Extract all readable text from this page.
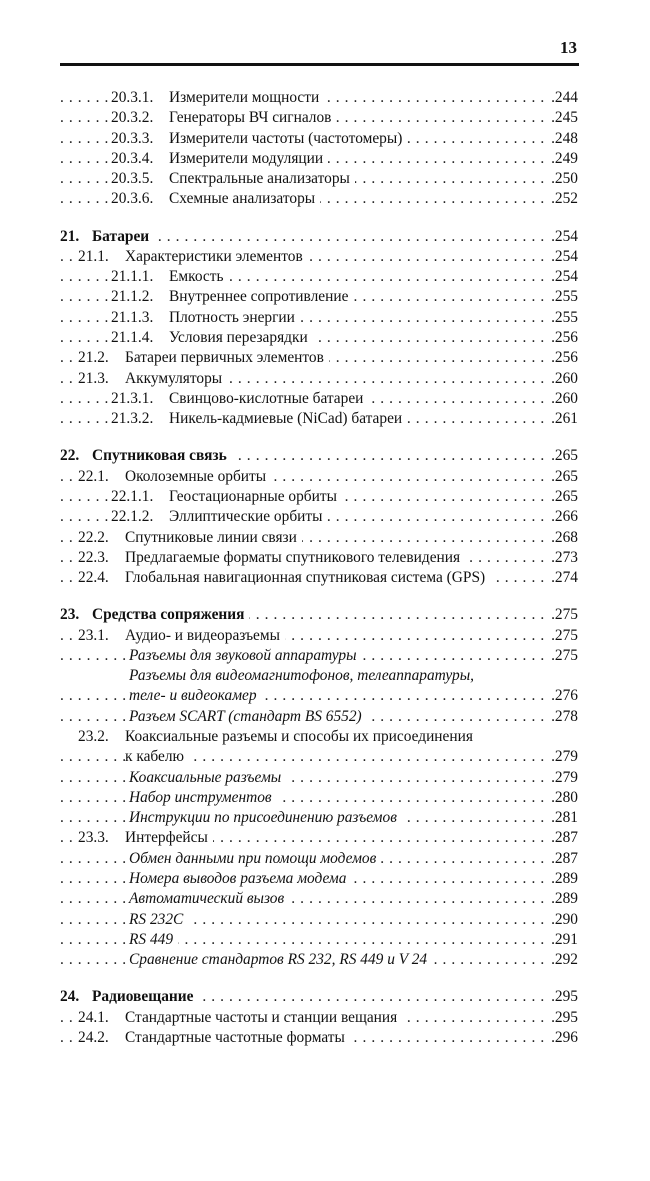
13
. . .
20.3.1. Измерители мощности	.244
. . .
20.3.2. Генераторы ВЧ сигналов	.245
. . .
20.3.3. Измерители частоты (частотомеры)	.248
. . .
20.3.4. Измерители модуляции	.249
. . .
20.3.5. Спектральные анализаторы	.250
. . .
20.3.6. Схемные анализаторы	.252
. . .
21. Батареи	.254
. . .
21.1. Характеристики элементов	.254
. . .
21.1.1. Емкость	.254
. . .
21.1.2. Внутреннее сопротивление	.255
. . .
21.1.3. Плотность энергии	.255
. . .
21.1.4. Условия перезарядки	.256
. . .
21.2. Батареи первичных элементов	.256
. . .
21.3. Аккумуляторы	.260
. . .
21.3.1. Свинцово-кислотные батареи	.260
. . .
21.3.2. Никель-кадмиевые (NiCad) батареи	.261
. . .
22. Спутниковая связь	.265
. . .
22.1. Околоземные орбиты	.265
. . .
22.1.1. Геостационарные орбиты	.265
. . .
22.1.2. Эллиптические орбиты	.266
. . .
22.2. Спутниковые линии связи	.268
. . .
22.3. Предлагаемые форматы спутникового телевидения	.273
. . .
22.4. Глобальная навигационная спутниковая система (GPS)	.274
. . .
23. Средства сопряжения	.275
. . .
23.1. Аудио- и видеоразъемы	.275
. . .
Разъемы для звуковой аппаратуры	.275
Разъемы для видеомагнитофонов, телеаппаратуры,
. . .
теле- и видеокамер	.276
. . .
Разъем SCART (стандарт BS 6552)	.278
23.2. Коаксиальные разъемы и способы их присоединения
. . .
к кабелю	.279
. . .
Коаксиальные разъемы	.279
. . .
Набор инструментов	.280
. . .
Инструкции по присоединению разъемов	.281
. . .
23.3. Интерфейсы	.287
. . .
Обмен данными при помощи модемов	.287
. . .
Номера выводов разъема модема	.289
. . .
Автоматический вызов	.289
. . .
RS 232C	.290
. . .
RS 449	.291
. . .
Сравнение стандартов RS 232, RS 449 и V 24	.292
. . .
24. Радиовещание	.295
. . .
24.1. Стандартные частоты и станции вещания	.295
. . .
24.2. Стандартные частотные форматы	.296
